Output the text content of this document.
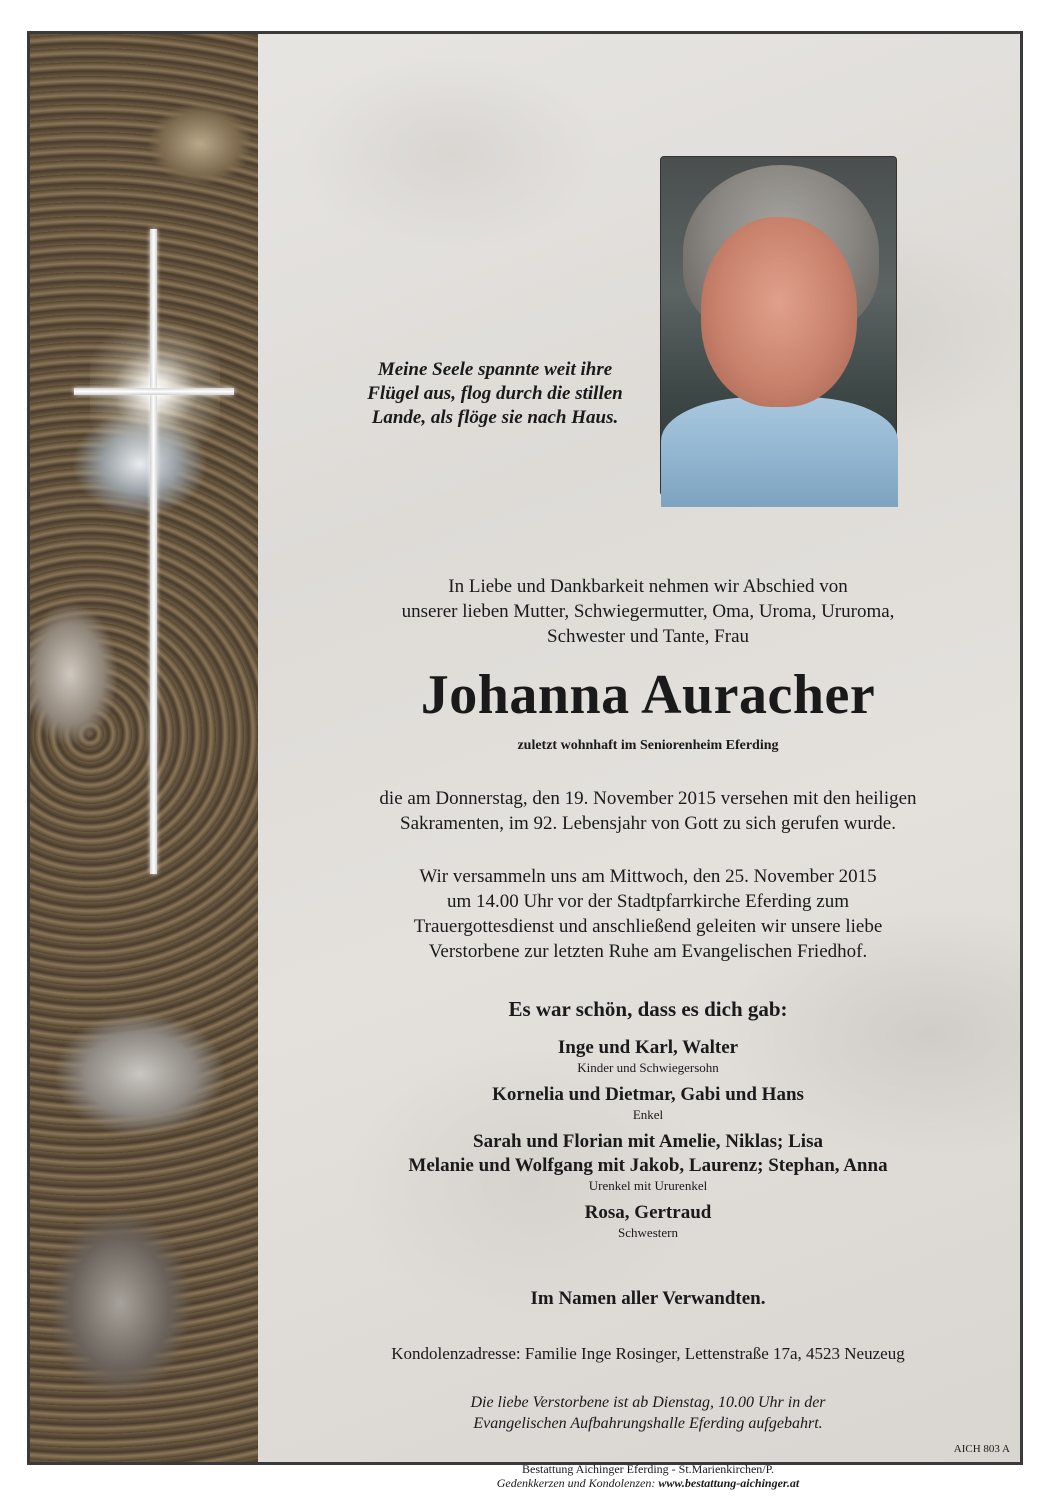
Meine Seele spannte weit ihre
Flügel aus, flog durch die stillen
Lande, als flöge sie nach Haus.
In Liebe und Dankbarkeit nehmen wir Abschied von
unserer lieben Mutter, Schwiegermutter, Oma, Uroma, Ururoma,
Schwester und Tante, Frau
Johanna Auracher
zuletzt wohnhaft im Seniorenheim Eferding
die am Donnerstag, den 19. November 2015 versehen mit den heiligen
Sakramenten, im 92. Lebensjahr von Gott zu sich gerufen wurde.
Wir versammeln uns am Mittwoch, den 25. November 2015
um 14.00 Uhr vor der Stadtpfarrkirche Eferding zum
Trauergottesdienst und anschließend geleiten wir unsere liebe
Verstorbene zur letzten Ruhe am Evangelischen Friedhof.
Es war schön, dass es dich gab:
Inge und Karl, Walter
Kinder und Schwiegersohn
Kornelia und Dietmar, Gabi und Hans
Enkel
Sarah und Florian mit Amelie, Niklas; Lisa
Melanie und Wolfgang mit Jakob, Laurenz; Stephan, Anna
Urenkel mit Ururenkel
Rosa, Gertraud
Schwestern
Im Namen aller Verwandten.
Kondolenzadresse: Familie Inge Rosinger, Lettenstraße 17a, 4523 Neuzeug
Die liebe Verstorbene ist ab Dienstag, 10.00 Uhr in der
Evangelischen Aufbahrungshalle Eferding aufgebahrt.
Bestattung Aichinger Eferding - St.Marienkirchen/P.
Gedenkkerzen und Kondolenzen: www.bestattung-aichinger.at
AICH 803 A
